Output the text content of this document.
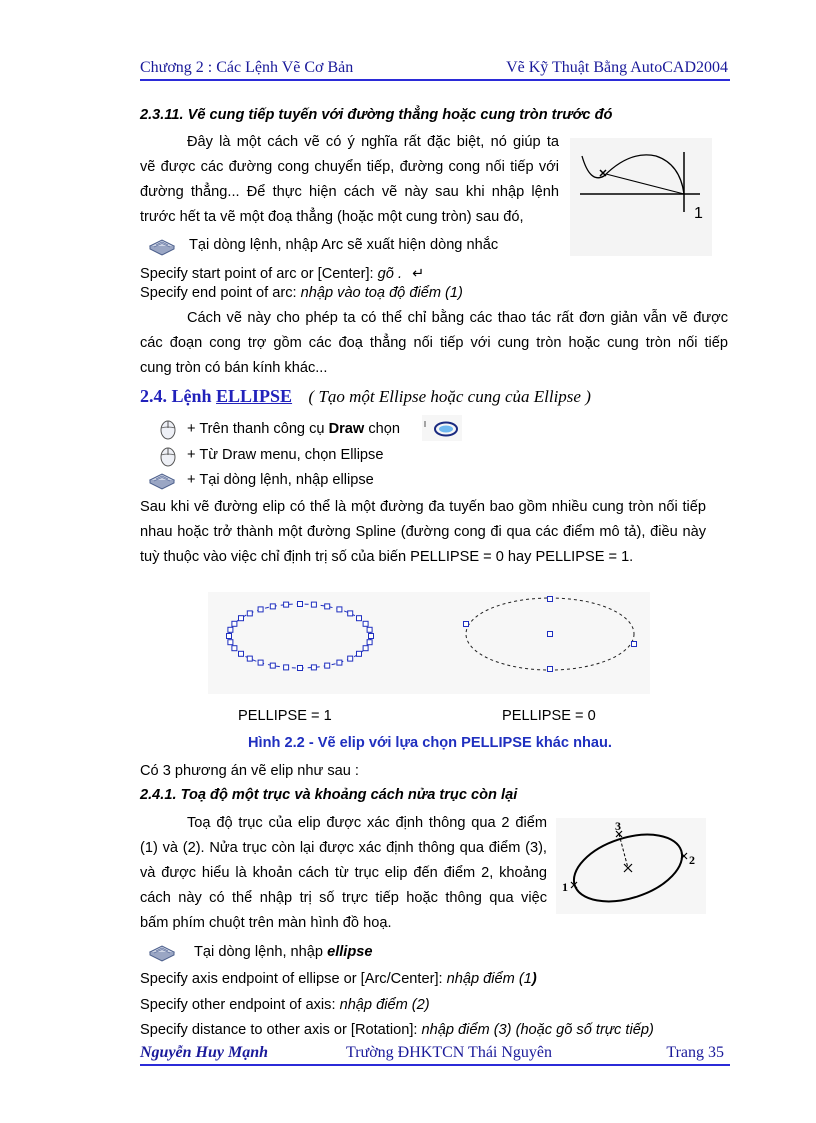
Chương 2 : Các Lệnh Vẽ Cơ Bản	Vẽ Kỹ Thuật Bằng AutoCAD2004
2.3.11. Vẽ cung tiếp tuyến với đường thẳng hoặc cung tròn trước đó
Đây là một cách vẽ có ý nghĩa rất đặc biệt, nó giúp ta
vẽ được các đường cong chuyển tiếp, đường cong nối tiếp với
đường thẳng... Để thực hiện cách vẽ này sau khi nhập lệnh
trước hết ta vẽ một đoạ thẳng (hoặc một cung tròn) sau đó,	1
Tại dòng lệnh, nhập Arc sẽ xuất hiện dòng nhắc
Specify start point of arc or [Center]: gõ . ↵
Specify end point of arc: nhập vào toạ độ điểm (1)
Cách vẽ này cho phép ta có thể chỉ bằng các thao tác rất đơn giản vẫn vẽ được
các đoạn cong trợ gồm các đoạ thẳng nối tiếp với cung tròn hoặc cung tròn nối tiếp
cung tròn có bán kính khác...
2.4. Lệnh ELLIPSE ( Tạo một Ellipse hoặc cung của Ellipse )
+ Trên thanh công cụ Draw chọn
+ Từ Draw menu, chọn Ellipse
+ Tại dòng lệnh, nhập ellipse
Sau khi vẽ đường elip có thể là một đường đa tuyến bao gồm nhiều cung tròn nối tiếp
nhau hoặc trở thành một đường Spline (đường cong đi qua các điểm mô tả), điều này
tuỳ thuộc vào việc chỉ định trị số của biến PELLIPSE = 0 hay PELLIPSE = 1.
PELLIPSE = 1	PELLIPSE = 0
Hình 2.2 - Vẽ elip với lựa chọn PELLIPSE khác nhau.
Có 3 phương án vẽ elip như sau :
2.4.1. Toạ độ một trục và khoảng cách nửa trục còn lại
Toạ độ trục của elip được xác định thông qua 2 điểm
(1) và (2). Nửa trục còn lại được xác định thông qua điểm (3),
và được hiểu là khoản cách từ trục elip đến điểm 2, khoảng
cách này có thể nhập trị số trực tiếp hoặc thông qua việc
bấm phím chuột trên màn hình đồ hoạ.
1
2
3
Tại dòng lệnh, nhập ellipse
Specify axis endpoint of ellipse or [Arc/Center]: nhập điểm (1)
Specify other endpoint of axis: nhập điểm (2)
Specify distance to other axis or [Rotation]: nhập điểm (3) (hoặc gõ số trực tiếp)
Nguyễn Huy Mạnh	Trường ĐHKTCN Thái Nguyên	Trang 35
